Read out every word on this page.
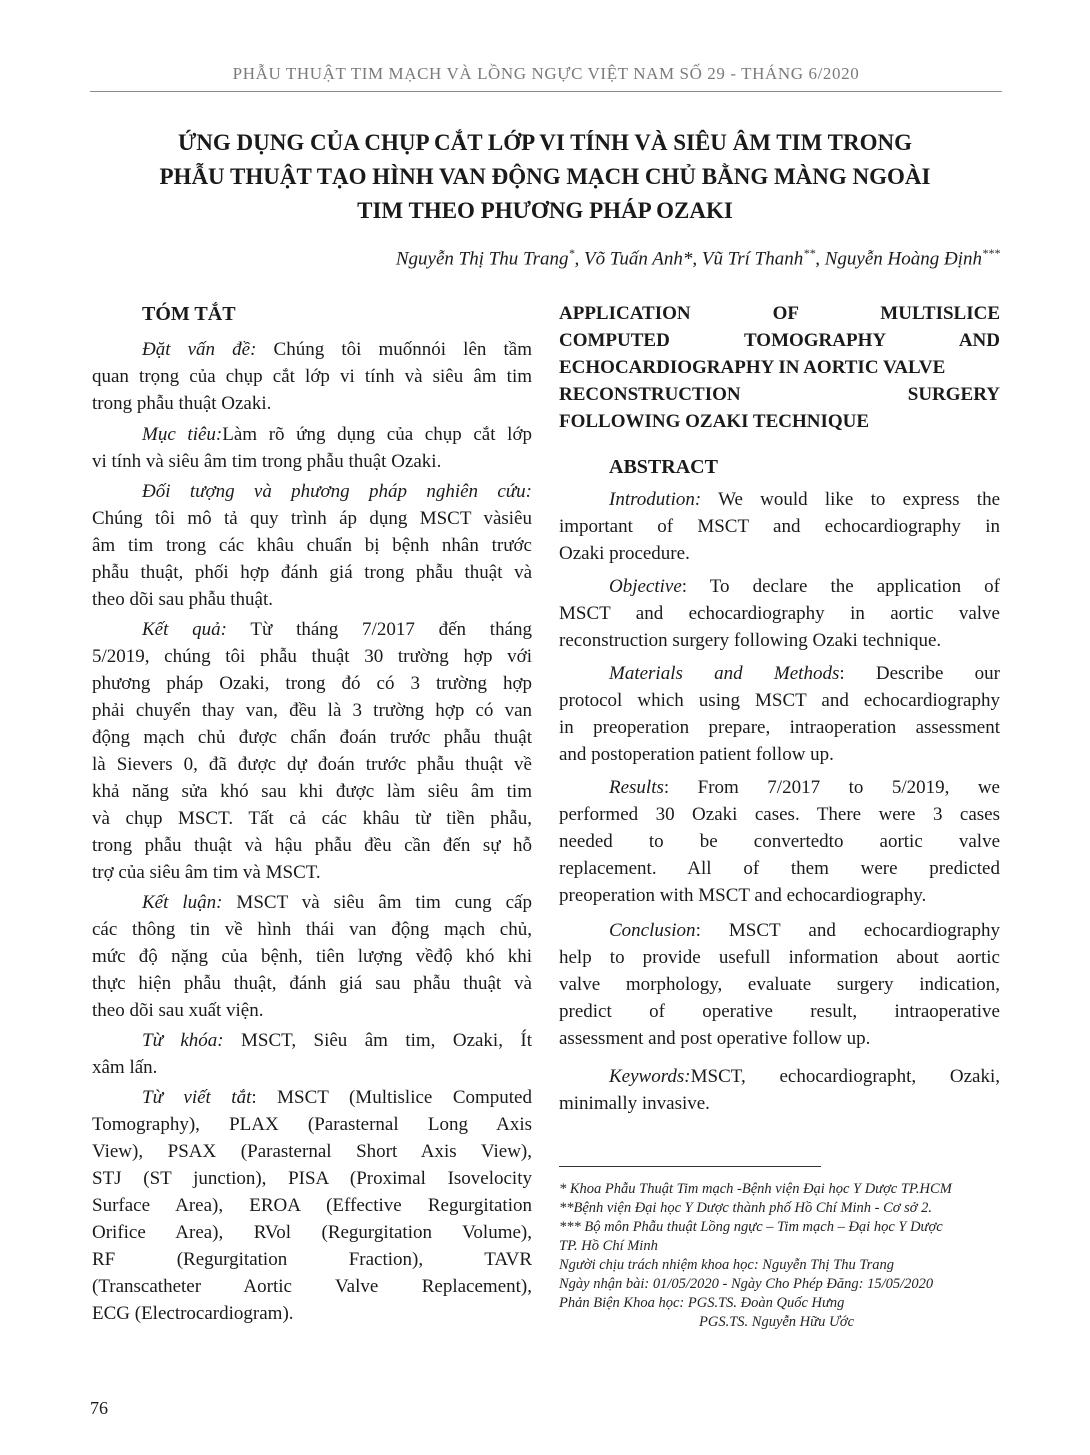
PHẪU THUẬT TIM MẠCH VÀ LỒNG NGỰC VIỆT NAM SỐ 29 - THÁNG 6/2020
ỨNG DỤNG CỦA CHỤP CẮT LỚP VI TÍNH VÀ SIÊU ÂM TIM TRONG
PHẪU THUẬT TẠO HÌNH VAN ĐỘNG MẠCH CHỦ BẰNG MÀNG NGOÀI
TIM THEO PHƯƠNG PHÁP OZAKI
Nguyễn Thị Thu Trang*, Võ Tuấn Anh*, Vũ Trí Thanh**, Nguyễn Hoàng Định***
TÓM TẮT
Đặt vấn đề: Chúng tôi muốnnói lên tầm
quan trọng của chụp cắt lớp vi tính và siêu âm tim
trong phẫu thuật Ozaki.
Mục tiêu:Làm rõ ứng dụng của chụp cắt lớp
vi tính và siêu âm tim trong phẫu thuật Ozaki.
Đối tượng và phương pháp nghiên cứu:
Chúng tôi mô tả quy trình áp dụng MSCT vàsiêu
âm tim trong các khâu chuẩn bị bệnh nhân trước
phẫu thuật, phối hợp đánh giá trong phẫu thuật và
theo dõi sau phẫu thuật.
Kết quả: Từ tháng 7/2017 đến tháng
5/2019, chúng tôi phẫu thuật 30 trường hợp với
phương pháp Ozaki, trong đó có 3 trường hợp
phải chuyển thay van, đều là 3 trường hợp có van
động mạch chủ được chẩn đoán trước phẫu thuật
là Sievers 0, đã được dự đoán trước phẫu thuật về
khả năng sửa khó sau khi được làm siêu âm tim
và chụp MSCT. Tất cả các khâu từ tiền phẫu,
trong phẫu thuật và hậu phẫu đều cần đến sự hỗ
trợ của siêu âm tim và MSCT.
Kết luận: MSCT và siêu âm tim cung cấp
các thông tin về hình thái van động mạch chủ,
mức độ nặng của bệnh, tiên lượng vềđộ khó khi
thực hiện phẫu thuật, đánh giá sau phẫu thuật và
theo dõi sau xuất viện.
Từ khóa: MSCT, Siêu âm tim, Ozaki, Ít
xâm lấn.
Từ viết tắt: MSCT (Multislice Computed
Tomography), PLAX (Parasternal Long Axis
View), PSAX (Parasternal Short Axis View),
STJ (ST junction), PISA (Proximal Isovelocity
Surface Area), EROA (Effective Regurgitation
Orifice Area), RVol (Regurgitation Volume),
RF (Regurgitation Fraction), TAVR
(Transcatheter Aortic Valve Replacement),
ECG (Electrocardiogram).
APPLICATION OF MULTISLICE
COMPUTED TOMOGRAPHY AND
ECHOCARDIOGRAPHY IN AORTIC VALVE
RECONSTRUCTION SURGERY
FOLLOWING OZAKI TECHNIQUE
ABSTRACT
Introdution: We would like to express the
important of MSCT and echocardiography in
Ozaki procedure.
Objective: To declare the application of
MSCT and echocardiography in aortic valve
reconstruction surgery following Ozaki technique.
Materials and Methods: Describe our
protocol which using MSCT and echocardiography
in preoperation prepare, intraoperation assessment
and postoperation patient follow up.
Results: From 7/2017 to 5/2019, we
performed 30 Ozaki cases. There were 3 cases
needed to be convertedto aortic valve
replacement. All of them were predicted
preoperation with MSCT and echocardiography.
Conclusion: MSCT and echocardiography
help to provide usefull information about aortic
valve morphology, evaluate surgery indication,
predict of operative result, intraoperative
assessment and post operative follow up.
Keywords:MSCT, echocardiographt, Ozaki,
minimally invasive.
* Khoa Phẫu Thuật Tim mạch -Bệnh viện Đại học Y Dược TP.HCM
**Bệnh viện Đại học Y Dược thành phố Hồ Chí Minh - Cơ sở 2.
*** Bộ môn Phẫu thuật Lồng ngực – Tim mạch – Đại học Y Dược
TP. Hồ Chí Minh
Người chịu trách nhiệm khoa học: Nguyễn Thị Thu Trang
Ngày nhận bài: 01/05/2020 - Ngày Cho Phép Đăng: 15/05/2020
Phản Biện Khoa học: PGS.TS. Đoàn Quốc Hưng
PGS.TS. Nguyễn Hữu Ước
76
